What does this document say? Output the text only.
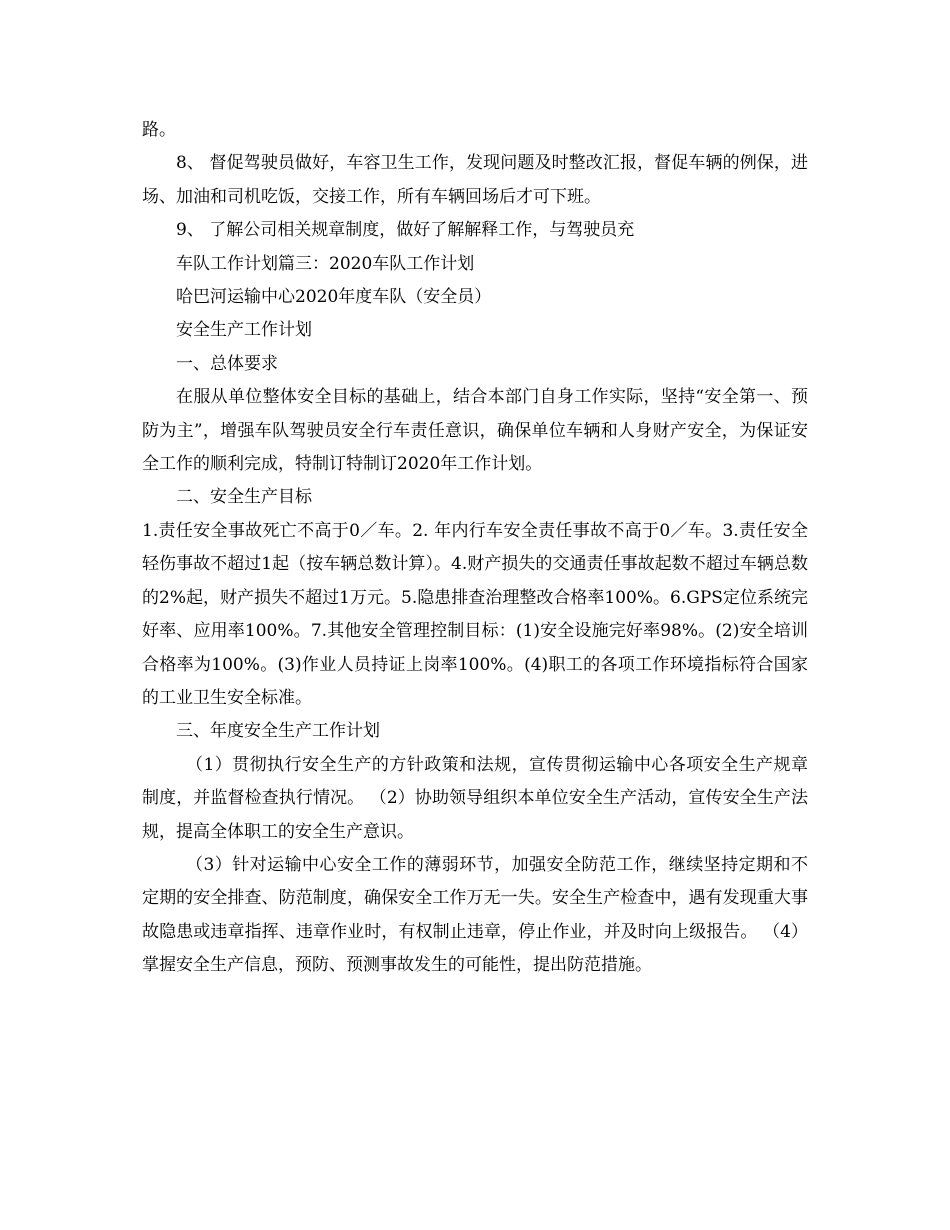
路。

8、 督促驾驶员做好，车容卫生工作，发现问题及时整改汇报，督促车辆的例保，进场、加油和司机吃饭，交接工作，所有车辆回场后才可下班。

9、 了解公司相关规章制度，做好了解解释工作，与驾驶员充

车队工作计划篇三：2020车队工作计划

哈巴河运输中心2020年度车队（安全员）

安全生产工作计划

一、总体要求

在服从单位整体安全目标的基础上，结合本部门自身工作实际，坚持“安全第一、预防为主”，增强车队驾驶员安全行车责任意识，确保单位车辆和人身财产安全，为保证安全工作的顺利完成，特制订特制订2020年工作计划。

二、安全生产目标

1.责任安全事故死亡不高于0／车。2. 年内行车安全责任事故不高于0／车。3.责任安全轻伤事故不超过1起（按车辆总数计算）。4.财产损失的交通责任事故起数不超过车辆总数的2%起，财产损失不超过1万元。5.隐患排查治理整改合格率100%。6.GPS定位系统完好率、应用率100%。7.其他安全管理控制目标：(1)安全设施完好率98%。(2)安全培训合格率为100%。(3)作业人员持证上岗率100%。(4)职工的各项工作环境指标符合国家的工业卫生安全标准。

三、年度安全生产工作计划

（1）贯彻执行安全生产的方针政策和法规，宣传贯彻运输中心各项安全生产规章制度，并监督检查执行情况。 （2）协助领导组织本单位安全生产活动，宣传安全生产法规，提高全体职工的安全生产意识。

（3）针对运输中心安全工作的薄弱环节，加强安全防范工作，继续坚持定期和不定期的安全排查、防范制度，确保安全工作万无一失。安全生产检查中，遇有发现重大事故隐患或违章指挥、违章作业时，有权制止违章，停止作业，并及时向上级报告。 （4）掌握安全生产信息，预防、预测事故发生的可能性，提出防范措施。
